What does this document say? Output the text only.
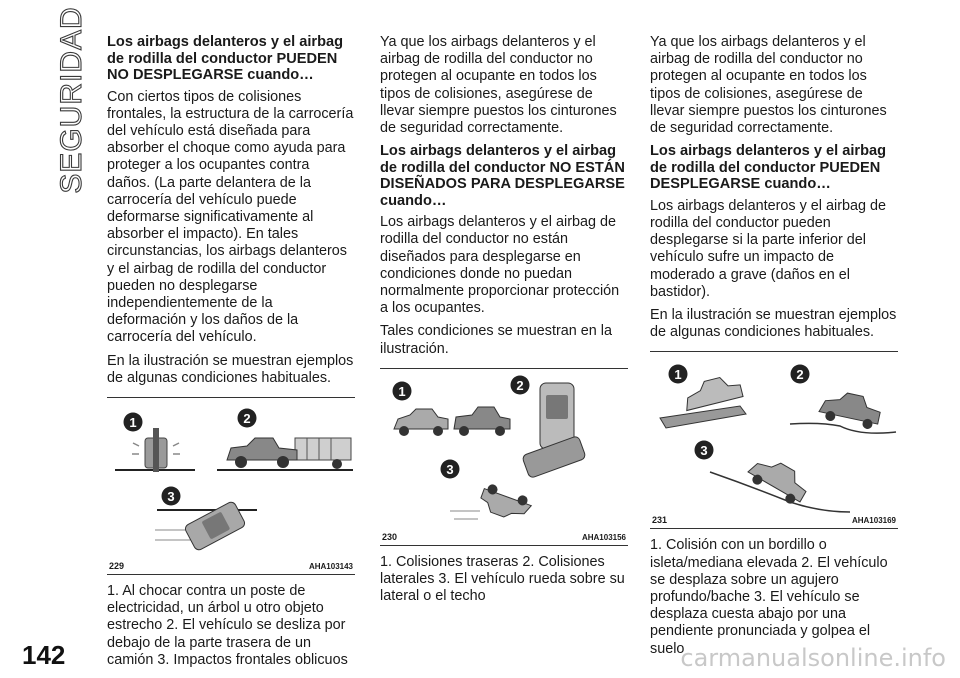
SEGURIDAD Los airbags delanteros y el airbag de rodilla del conductor PUEDEN NO DESPLEGARSE cuando…

Con ciertos tipos de colisiones frontales, la estructura de la carrocería del vehículo está diseñada para absorber el choque como ayuda para proteger a los ocupantes contra daños. (La parte delantera de la carrocería del vehículo puede deformarse significativamente al absorber el impacto). En tales circunstancias, los airbags delanteros y el airbag de rodilla del conductor pueden no desplegarse independientemente de la deformación y los daños de la carrocería del vehículo.

En la ilustración se muestran ejemplos de algunas condiciones habituales.

1	2
3
229	AHA103143
1. Al chocar contra un poste de electricidad, un árbol u otro objeto estrecho 2. El vehículo se desliza por debajo de la parte trasera de un camión 3. Impactos frontales oblicuos

Ya que los airbags delanteros y el airbag de rodilla del conductor no protegen al ocupante en todos los tipos de colisiones, asegúrese de llevar siempre puestos los cinturones de seguridad correctamente.

Los airbags delanteros y el airbag de rodilla del conductor NO ESTÁN DISEÑADOS PARA DESPLEGARSE cuando…

Los airbags delanteros y el airbag de rodilla del conductor no están diseñados para desplegarse en condiciones donde no puedan normalmente proporcionar protección a los ocupantes.

Tales condiciones se muestran en la ilustración.

1	2
3
230	AHA103156
1. Colisiones traseras 2. Colisiones laterales 3. El vehículo rueda sobre su lateral o el techo

Ya que los airbags delanteros y el airbag de rodilla del conductor no protegen al ocupante en todos los tipos de colisiones, asegúrese de llevar siempre puestos los cinturones de seguridad correctamente.

Los airbags delanteros y el airbag de rodilla del conductor PUEDEN DESPLEGARSE cuando…

Los airbags delanteros y el airbag de rodilla del conductor pueden desplegarse si la parte inferior del vehículo sufre un impacto de moderado a grave (daños en el bastidor).

En la ilustración se muestran ejemplos de algunas condiciones habituales.

1	2
3
231	AHA103169
1. Colisión con un bordillo o isleta/mediana elevada 2. El vehículo se desplaza sobre un agujero profundo/bache 3. El vehículo se desplaza cuesta abajo por una pendiente pronunciada y golpea el suelo
142	carmanualsonline.info
